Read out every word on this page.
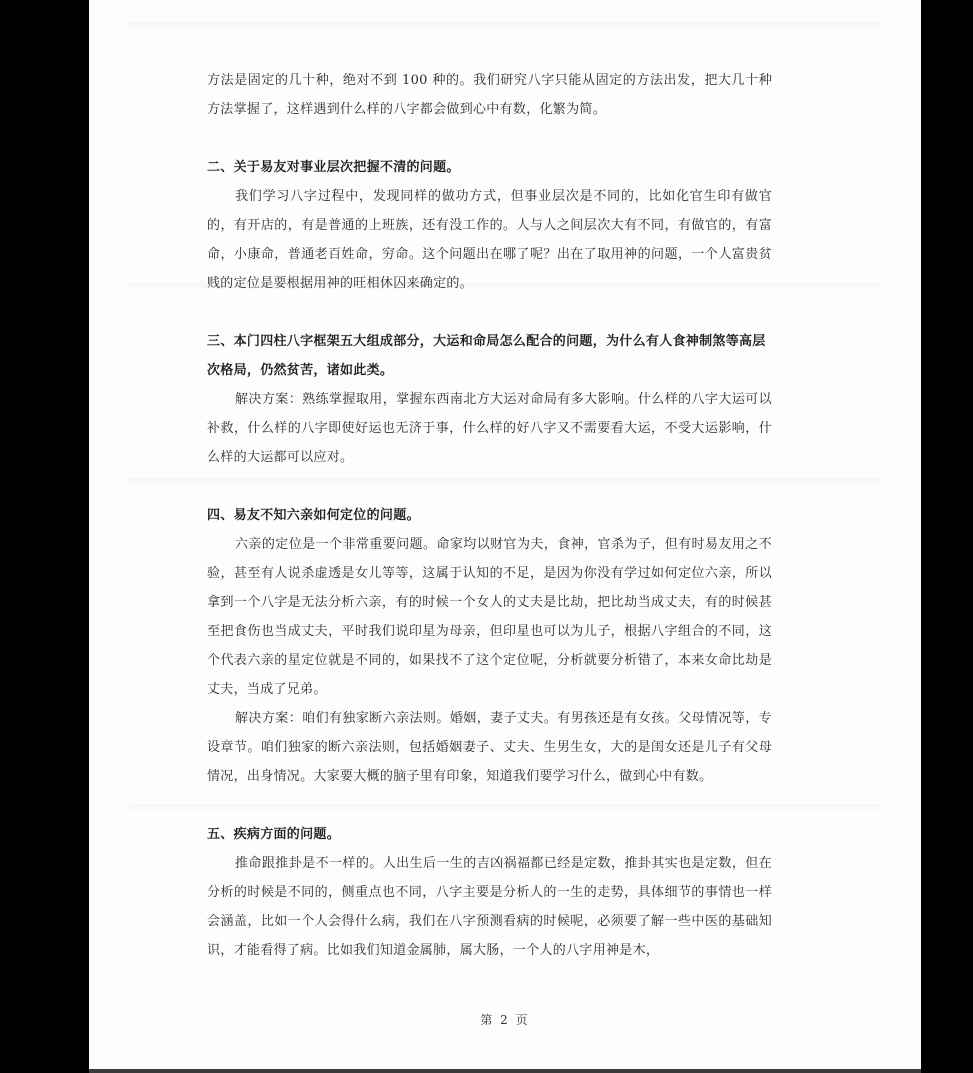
方法是固定的几十种，绝对不到 100 种的。我们研究八字只能从固定的方法出发，把大几十种方法掌握了，这样遇到什么样的八字都会做到心中有数，化繁为简。

二、关于易友对事业层次把握不清的问题。

我们学习八字过程中，发现同样的做功方式，但事业层次是不同的，比如化官生印有做官的，有开店的，有是普通的上班族，还有没工作的。人与人之间层次大有不同，有做官的，有富命，小康命，普通老百姓命，穷命。这个问题出在哪了呢？出在了取用神的问题，一个人富贵贫贱的定位是要根据用神的旺相休囚来确定的。

三、本门四柱八字框架五大组成部分，大运和命局怎么配合的问题，为什么有人食神制煞等高层次格局，仍然贫苦，诸如此类。

解决方案：熟练掌握取用，掌握东西南北方大运对命局有多大影响。什么样的八字大运可以补救，什么样的八字即使好运也无济于事，什么样的好八字又不需要看大运，不受大运影响，什么样的大运都可以应对。

四、易友不知六亲如何定位的问题。

六亲的定位是一个非常重要问题。命家均以财官为夫，食神，官杀为子，但有时易友用之不验，甚至有人说杀虚透是女儿等等，这属于认知的不足，是因为你没有学过如何定位六亲，所以拿到一个八字是无法分析六亲，有的时候一个女人的丈夫是比劫，把比劫当成丈夫，有的时候甚至把食伤也当成丈夫，平时我们说印星为母亲，但印星也可以为儿子，根据八字组合的不同，这个代表六亲的星定位就是不同的，如果找不了这个定位呢，分析就要分析错了，本来女命比劫是丈夫，当成了兄弟。

解决方案：咱们有独家断六亲法则。婚姻，妻子丈夫。有男孩还是有女孩。父母情况等，专设章节。咱们独家的断六亲法则，包括婚姻妻子、丈夫、生男生女，大的是闺女还是儿子有父母情况，出身情况。大家要大概的脑子里有印象，知道我们要学习什么，做到心中有数。

五、疾病方面的问题。

推命跟推卦是不一样的。人出生后一生的吉凶祸福都已经是定数，推卦其实也是定数，但在分析的时候是不同的，侧重点也不同，八字主要是分析人的一生的走势，具体细节的事情也一样会涵盖，比如一个人会得什么病，我们在八字预测看病的时候呢，必须要了解一些中医的基础知识，才能看得了病。比如我们知道金属肺，属大肠，一个人的八字用神是木，

第 2 页
